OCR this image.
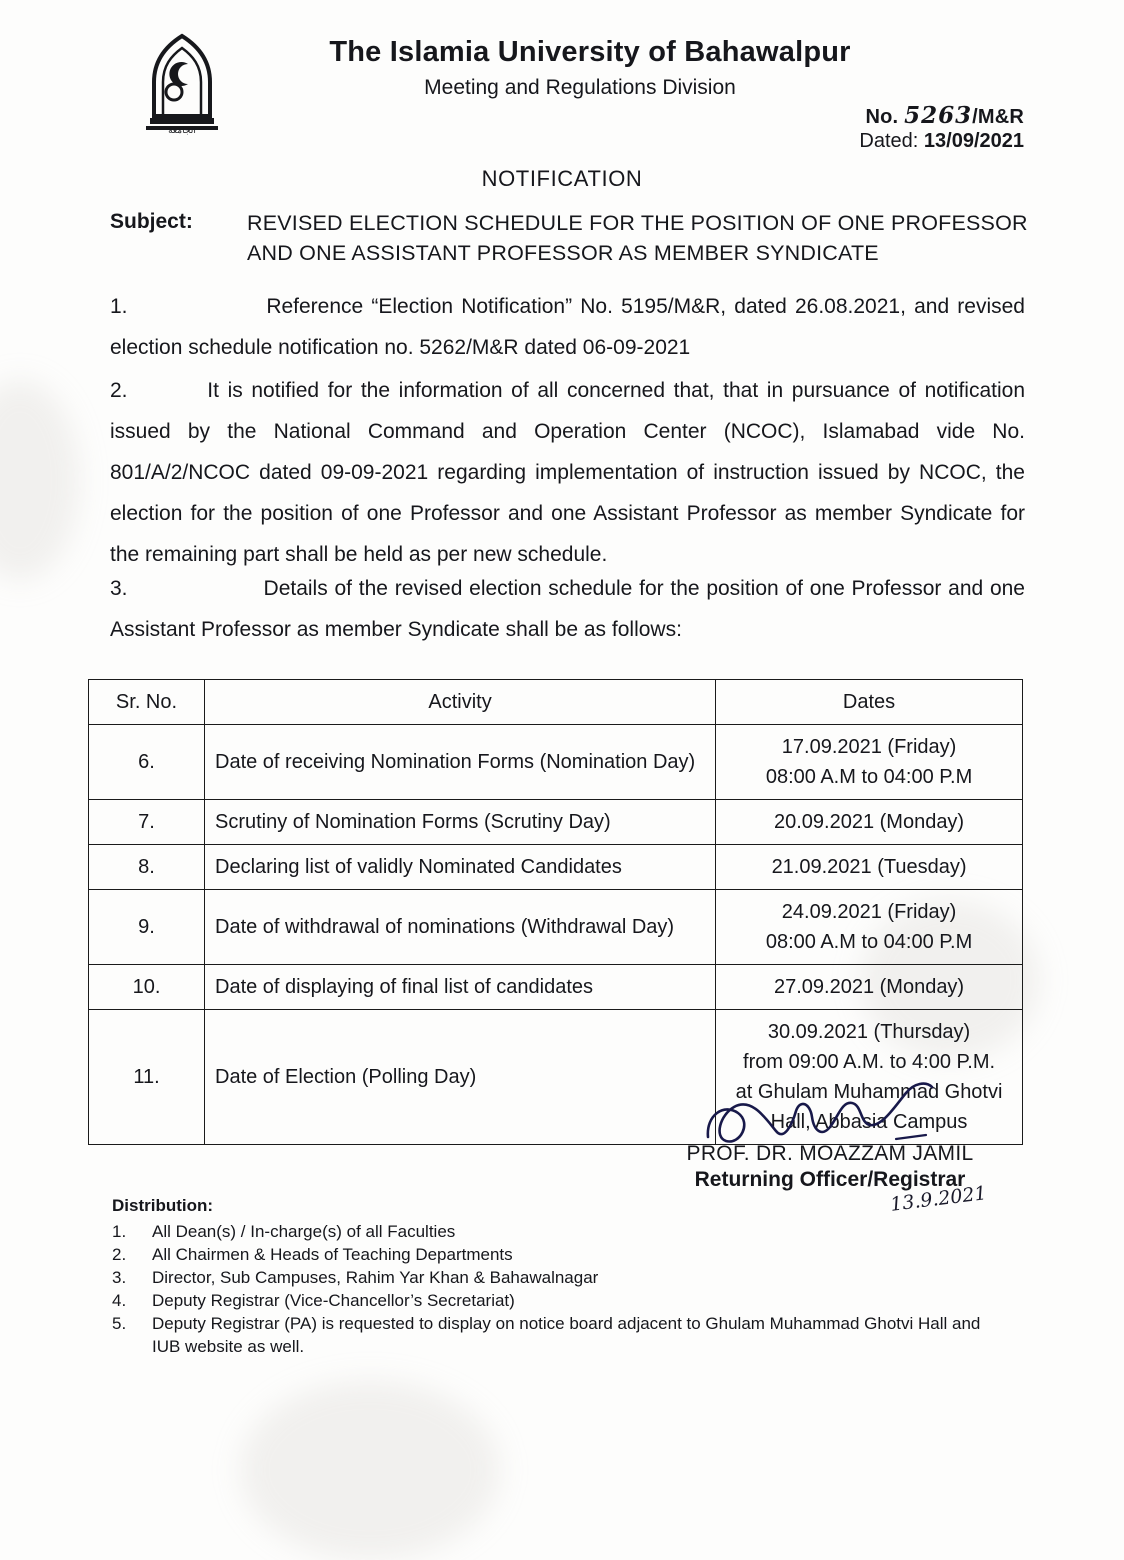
الجامعة
The Islamia University of Bahawalpur
Meeting and Regulations Division
No. 5263/M&R
Dated: 13/09/2021
NOTIFICATION
Subject:	REVISED ELECTION SCHEDULE FOR THE POSITION OF ONE PROFESSOR AND ONE ASSISTANT PROFESSOR AS MEMBER SYNDICATE
1.	Reference “Election Notification” No. 5195/M&R, dated 26.08.2021, and revised election schedule notification no. 5262/M&R dated 06-09-2021
2.	It is notified for the information of all concerned that, that in pursuance of notification issued by the National Command and Operation Center (NCOC), Islamabad vide No. 801/A/2/NCOC dated 09-09-2021 regarding implementation of instruction issued by NCOC, the election for the position of one Professor and one Assistant Professor as member Syndicate for the remaining part shall be held as per new schedule.
3.	Details of the revised election schedule for the position of one Professor and one Assistant Professor as member Syndicate shall be as follows:
Sr. No.	Activity	Dates
6.	Date of receiving Nomination Forms (Nomination Day)	17.09.2021 (Friday)
08:00 A.M to 04:00 P.M
7.	Scrutiny of Nomination Forms (Scrutiny Day)	20.09.2021 (Monday)
8.	Declaring list of validly Nominated Candidates	21.09.2021 (Tuesday)
9.	Date of withdrawal of nominations (Withdrawal Day)	24.09.2021 (Friday)
08:00 A.M to 04:00 P.M
10.	Date of displaying of final list of candidates	27.09.2021 (Monday)
11.	Date of Election (Polling Day)	30.09.2021 (Thursday)
from 09:00 A.M. to 4:00 P.M.
at Ghulam Muhammad Ghotvi
Hall, Abbasia Campus
PROF. DR. MOAZZAM JAMIL
Returning Officer/Registrar
13.9.2021
Distribution:
1.	All Dean(s) / In-charge(s) of all Faculties
2.	All Chairmen & Heads of Teaching Departments
3.	Director, Sub Campuses, Rahim Yar Khan & Bahawalnagar
4.	Deputy Registrar (Vice-Chancellor’s Secretariat)
5.	Deputy Registrar (PA) is requested to display on notice board adjacent to Ghulam Muhammad Ghotvi Hall and IUB website as well.
